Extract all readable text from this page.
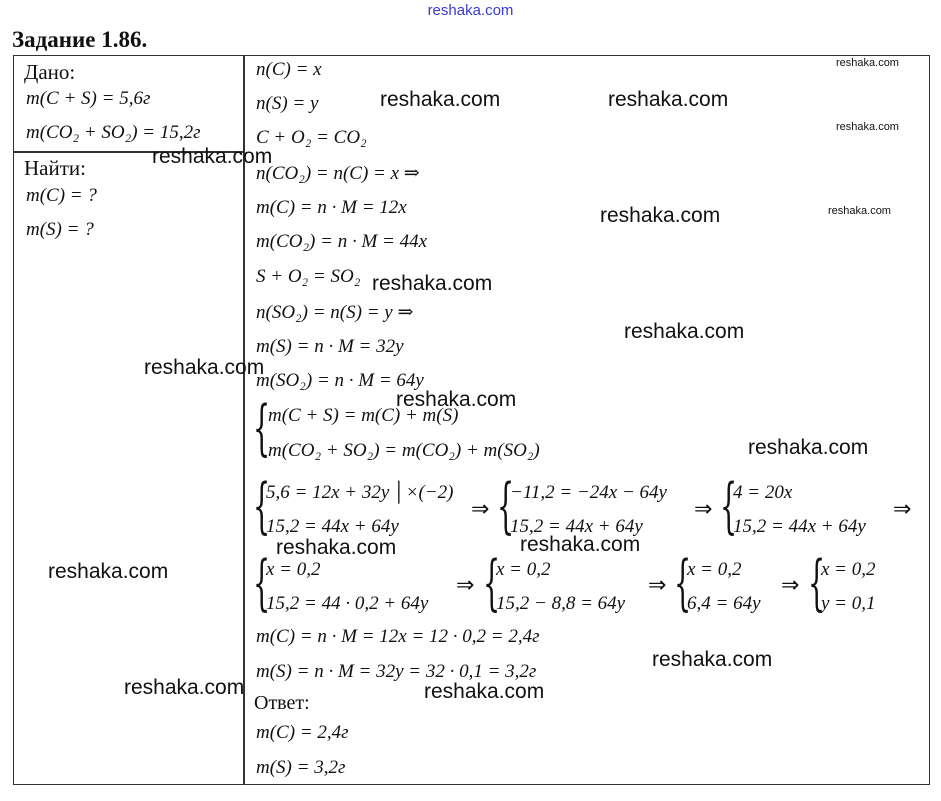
reshaka.com
Задание 1.86.
Дано:
m(C + S) = 5,6г
m(CO₂ + SO₂) = 15,2г
Найти:
m(C) = ?
m(S) = ?
n(C) = x
n(S) = y
C + O₂ = CO₂
n(CO₂) = n(C) = x ⇒
m(C) = n · M = 12x
m(CO₂) = n · M = 44x
S + O₂ = SO₂
n(SO₂) = n(S) = y ⇒
m(S) = n · M = 32y
m(SO₂) = n · M = 64y
{
m(C + S) = m(C) + m(S)
m(CO₂ + SO₂) = m(CO₂) + m(SO₂)
{
5,6 = 12x + 32y │×(−2)
15,2 = 44x + 64y
⇒ {
−11,2 = −24x − 64y
15,2 = 44x + 64y
⇒ {
4 = 20x
15,2 = 44x + 64y
⇒
{
x = 0,2
15,2 = 44 · 0,2 + 64y
⇒ {
x = 0,2
15,2 − 8,8 = 64y
⇒ {
x = 0,2
6,4 = 64y
⇒ {
x = 0,2
y = 0,1
m(C) = n · M = 12x = 12 · 0,2 = 2,4г
m(S) = n · M = 32y = 32 · 0,1 = 3,2г
Ответ:
m(C) = 2,4г
m(S) = 3,2г
reshaka.com
reshaka.com	reshaka.com
reshaka.com
reshaka.com
reshaka.com	reshaka.com
reshaka.com
reshaka.com
reshaka.com
reshaka.com
reshaka.com
reshaka.com	reshaka.com
reshaka.com
reshaka.com
reshaka.com	reshaka.com
